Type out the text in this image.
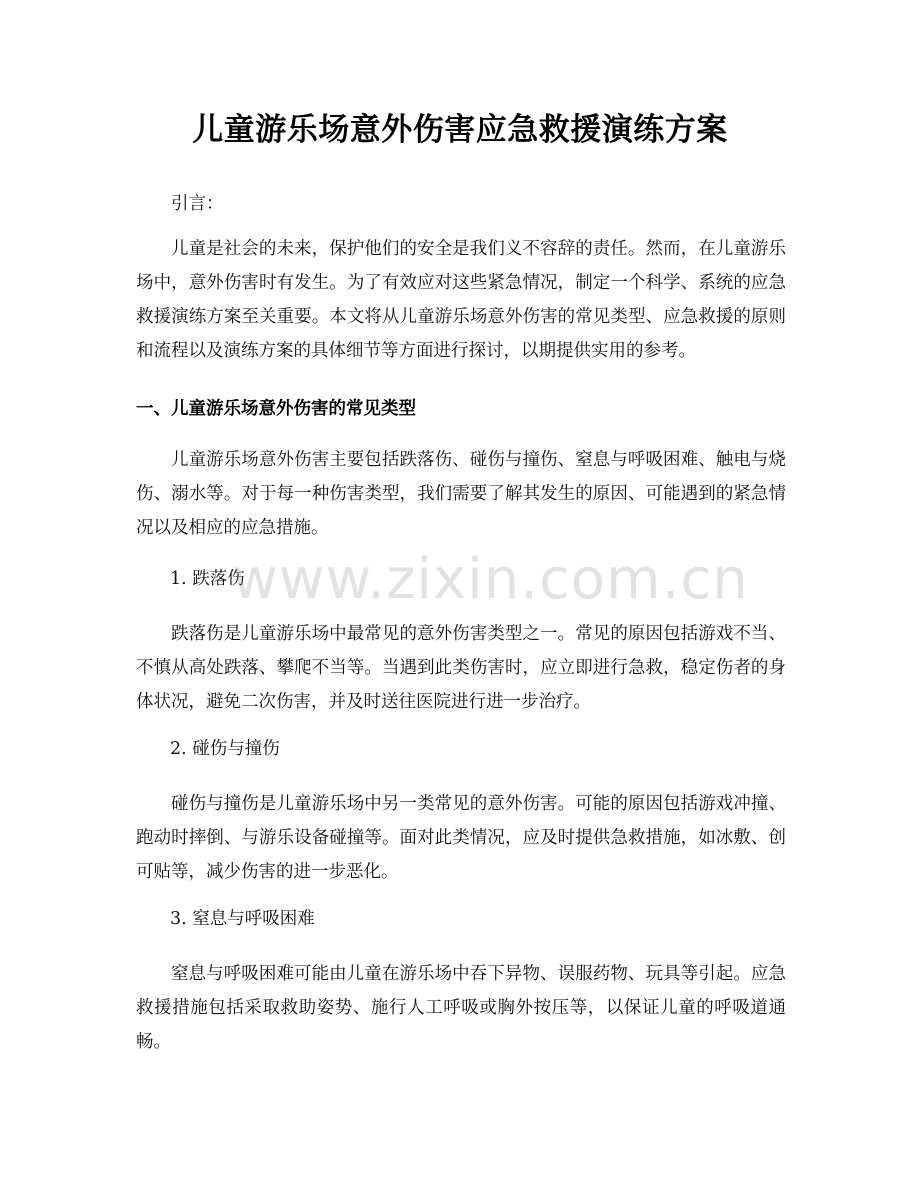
儿童游乐场意外伤害应急救援演练方案
引言：
儿童是社会的未来，保护他们的安全是我们义不容辞的责任。然而，在儿童游乐场中，意外伤害时有发生。为了有效应对这些紧急情况，制定一个科学、系统的应急救援演练方案至关重要。本文将从儿童游乐场意外伤害的常见类型、应急救援的原则和流程以及演练方案的具体细节等方面进行探讨，以期提供实用的参考。
一、儿童游乐场意外伤害的常见类型
儿童游乐场意外伤害主要包括跌落伤、碰伤与撞伤、窒息与呼吸困难、触电与烧伤、溺水等。对于每一种伤害类型，我们需要了解其发生的原因、可能遇到的紧急情况以及相应的应急措施。
1. 跌落伤
跌落伤是儿童游乐场中最常见的意外伤害类型之一。常见的原因包括游戏不当、不慎从高处跌落、攀爬不当等。当遇到此类伤害时，应立即进行急救，稳定伤者的身体状况，避免二次伤害，并及时送往医院进行进一步治疗。
2. 碰伤与撞伤
碰伤与撞伤是儿童游乐场中另一类常见的意外伤害。可能的原因包括游戏冲撞、跑动时摔倒、与游乐设备碰撞等。面对此类情况，应及时提供急救措施，如冰敷、创可贴等，减少伤害的进一步恶化。
3. 窒息与呼吸困难
窒息与呼吸困难可能由儿童在游乐场中吞下异物、误服药物、玩具等引起。应急救援措施包括采取救助姿势、施行人工呼吸或胸外按压等，以保证儿童的呼吸道通畅。
www.zixin.com.cn
